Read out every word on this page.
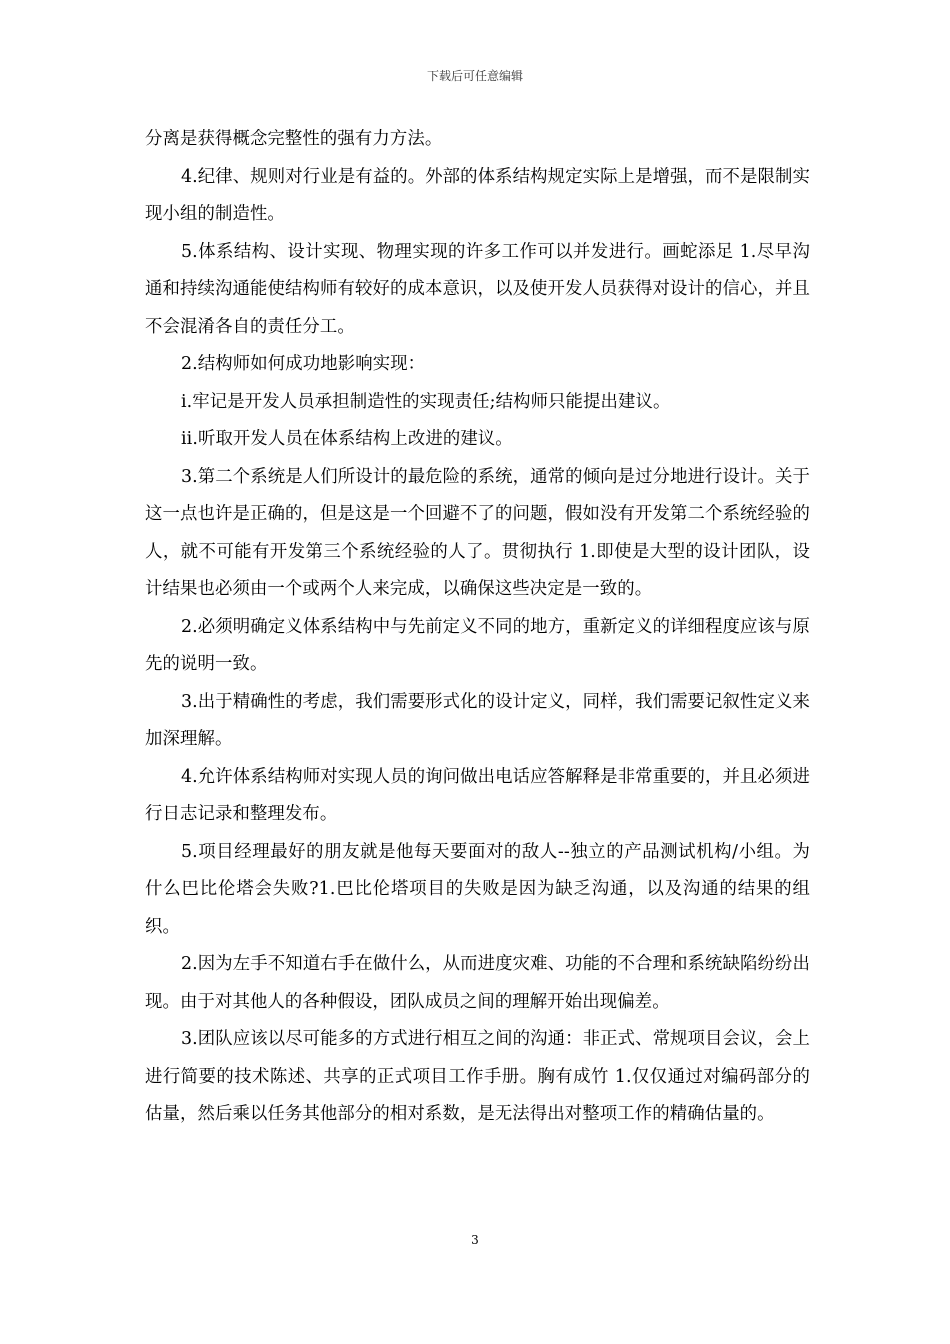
下载后可任意编辑

分离是获得概念完整性的强有力方法。

4.纪律、规则对行业是有益的。外部的体系结构规定实际上是增强，而不是限制实现小组的制造性。

5.体系结构、设计实现、物理实现的许多工作可以并发进行。画蛇添足 1.尽早沟通和持续沟通能使结构师有较好的成本意识，以及使开发人员获得对设计的信心，并且不会混淆各自的责任分工。

2.结构师如何成功地影响实现：

i.牢记是开发人员承担制造性的实现责任;结构师只能提出建议。

ii.听取开发人员在体系结构上改进的建议。

3.第二个系统是人们所设计的最危险的系统，通常的倾向是过分地进行设计。关于这一点也许是正确的，但是这是一个回避不了的问题，假如没有开发第二个系统经验的人，就不可能有开发第三个系统经验的人了。贯彻执行 1.即使是大型的设计团队，设计结果也必须由一个或两个人来完成，以确保这些决定是一致的。

2.必须明确定义体系结构中与先前定义不同的地方，重新定义的详细程度应该与原先的说明一致。

3.出于精确性的考虑，我们需要形式化的设计定义，同样，我们需要记叙性定义来加深理解。

4.允许体系结构师对实现人员的询问做出电话应答解释是非常重要的，并且必须进行日志记录和整理发布。

5.项目经理最好的朋友就是他每天要面对的敌人--独立的产品测试机构/小组。为什么巴比伦塔会失败?1.巴比伦塔项目的失败是因为缺乏沟通，以及沟通的结果的组织。

2.因为左手不知道右手在做什么，从而进度灾难、功能的不合理和系统缺陷纷纷出现。由于对其他人的各种假设，团队成员之间的理解开始出现偏差。

3.团队应该以尽可能多的方式进行相互之间的沟通：非正式、常规项目会议，会上进行简要的技术陈述、共享的正式项目工作手册。胸有成竹 1.仅仅通过对编码部分的估量，然后乘以任务其他部分的相对系数，是无法得出对整项工作的精确估量的。

3
